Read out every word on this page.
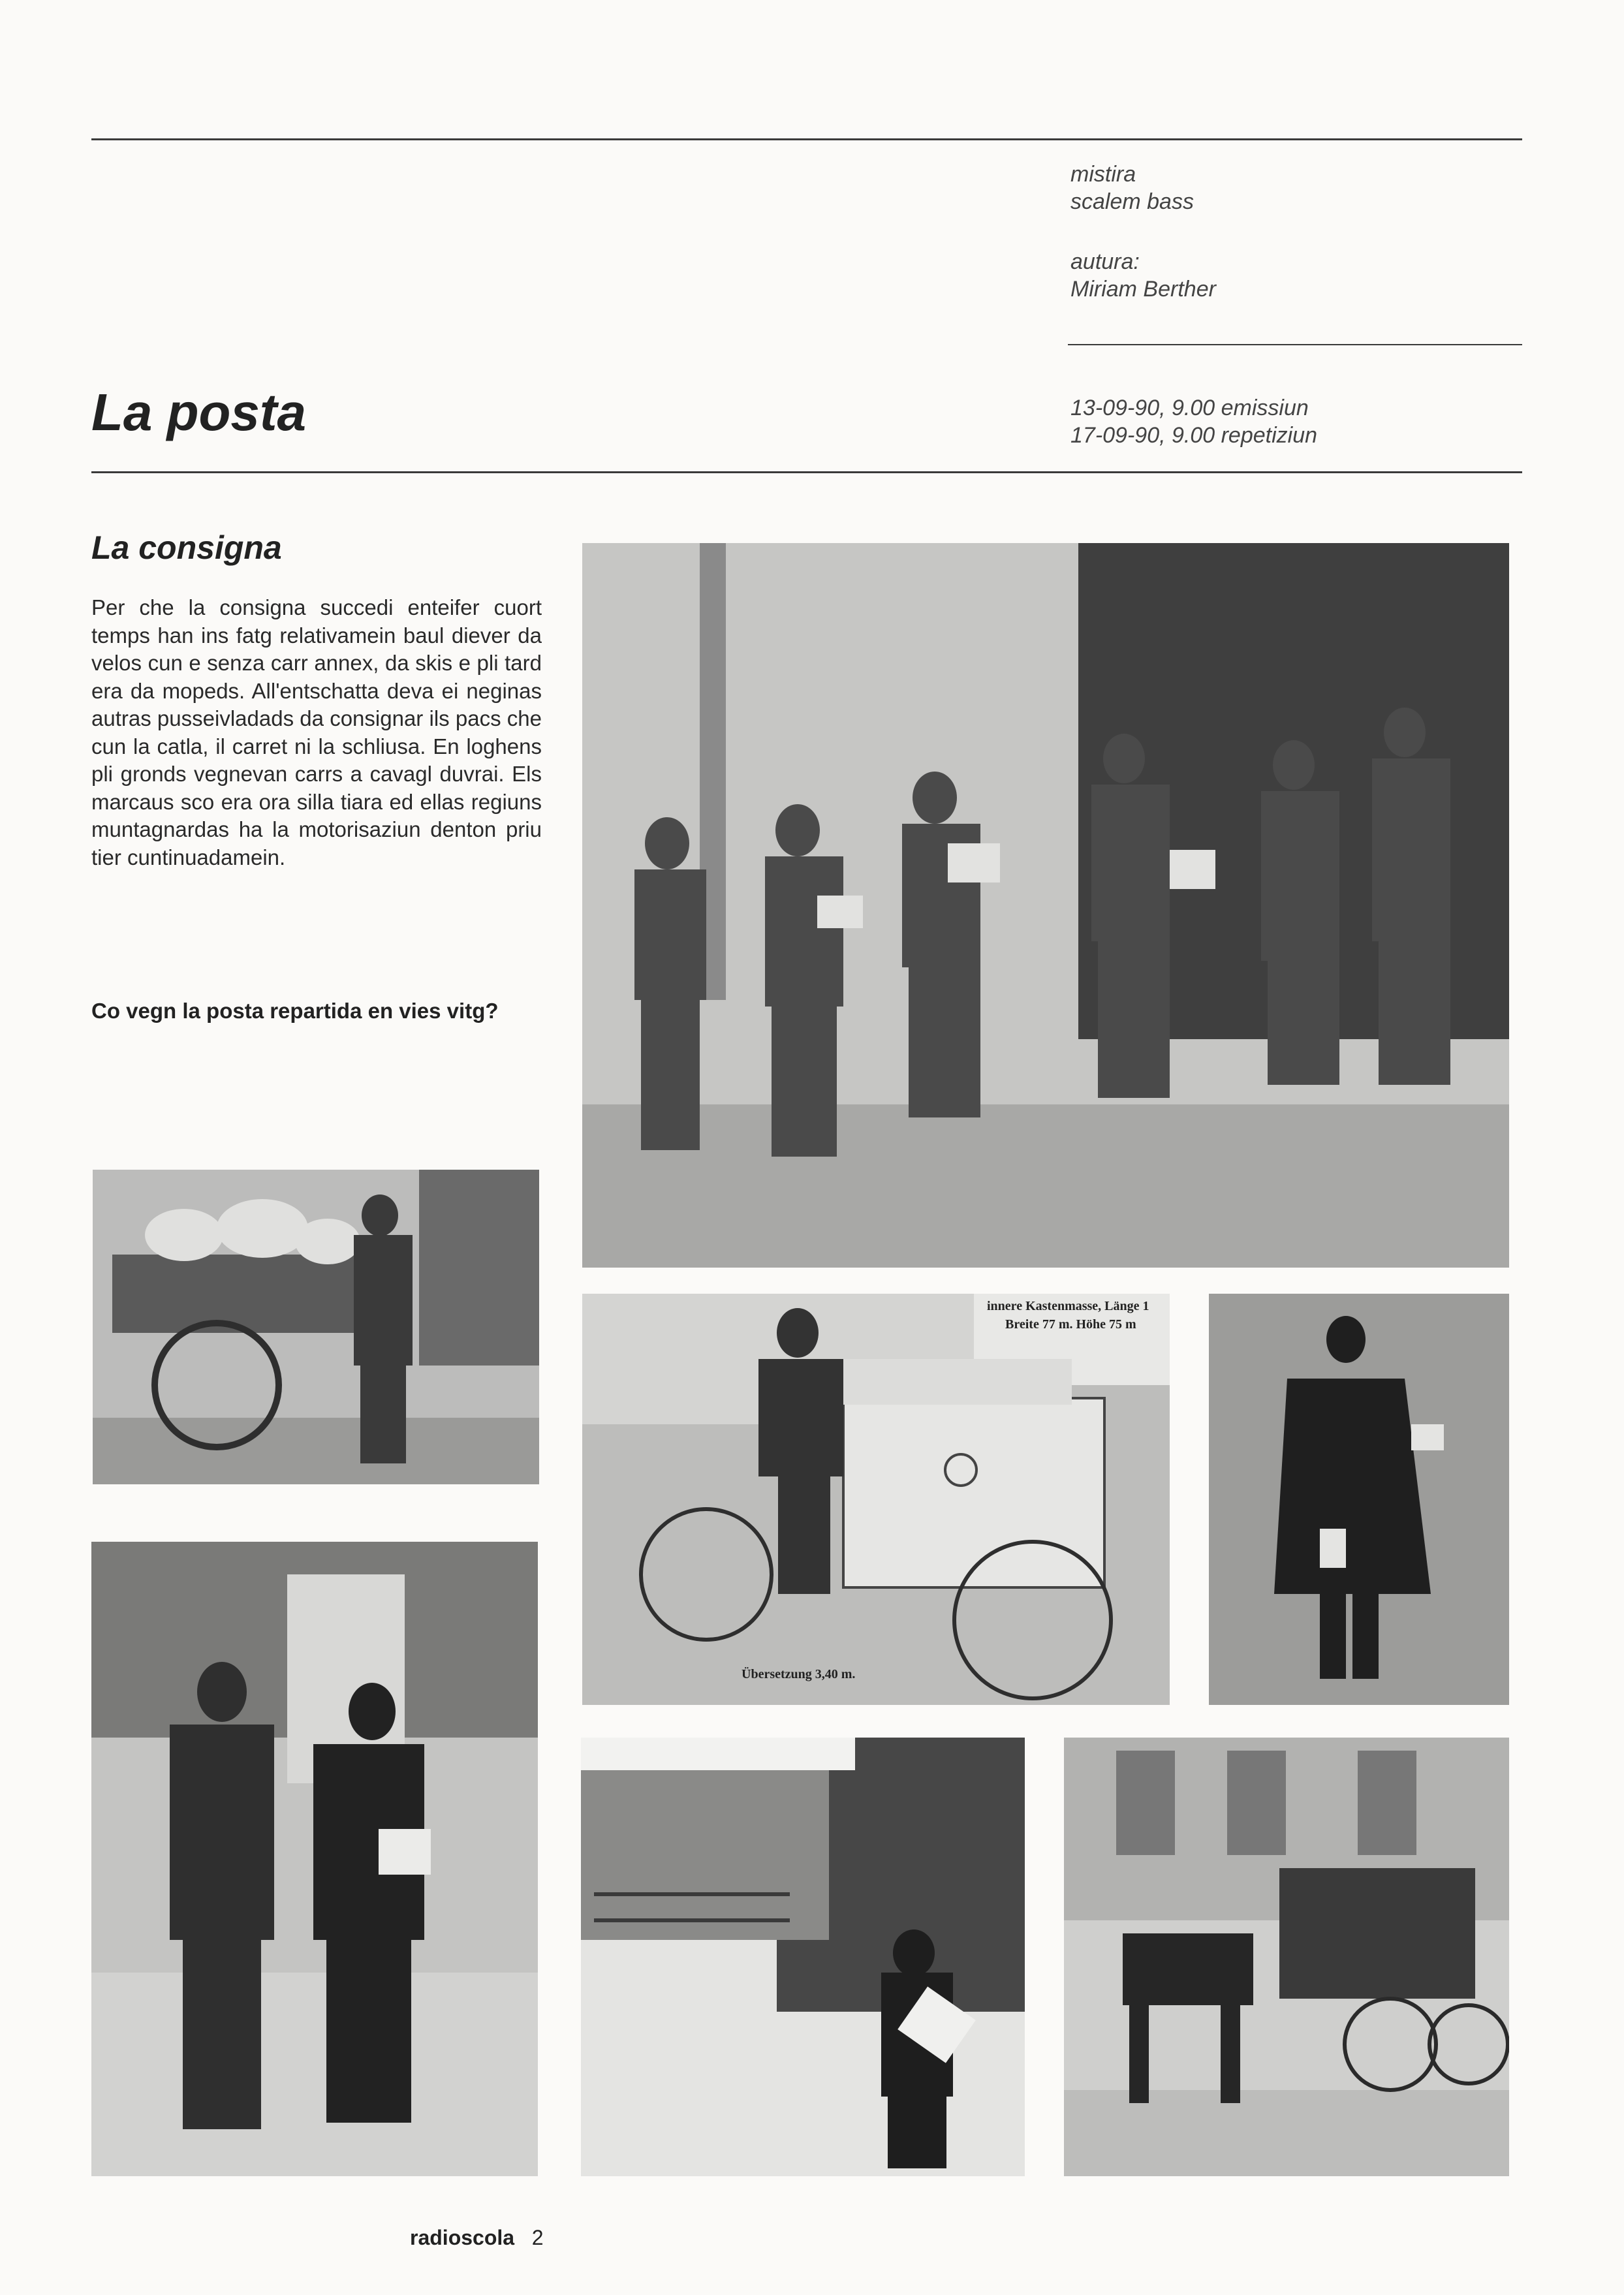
mistira
scalem bass
autura:
Miriam Berther
13-09-90, 9.00 emissiun
17-09-90, 9.00 repetiziun
La posta
La consigna

Per che la consigna succedi enteifer cuort temps han ins fatg relativamein baul diever da velos cun e senza carr annex, da skis e pli tard era da mopeds. All'entschatta deva ei neginas autras pusseivladads da consignar ils pacs che cun la catla, il carret ni la schliusa. En loghens pli gronds vegnevan carrs a cavagl duvrai. Els marcaus sco era ora silla tiara ed ellas regiuns muntagnardas ha la motorisaziun denton priu tier cuntinuadamein.

Co vegn la posta repartida en vies vitg?

innere Kastenmasse, Länge 1
Breite 77 m. Höhe 75 m
Übersetzung 3,40 m.
radioscola 2
